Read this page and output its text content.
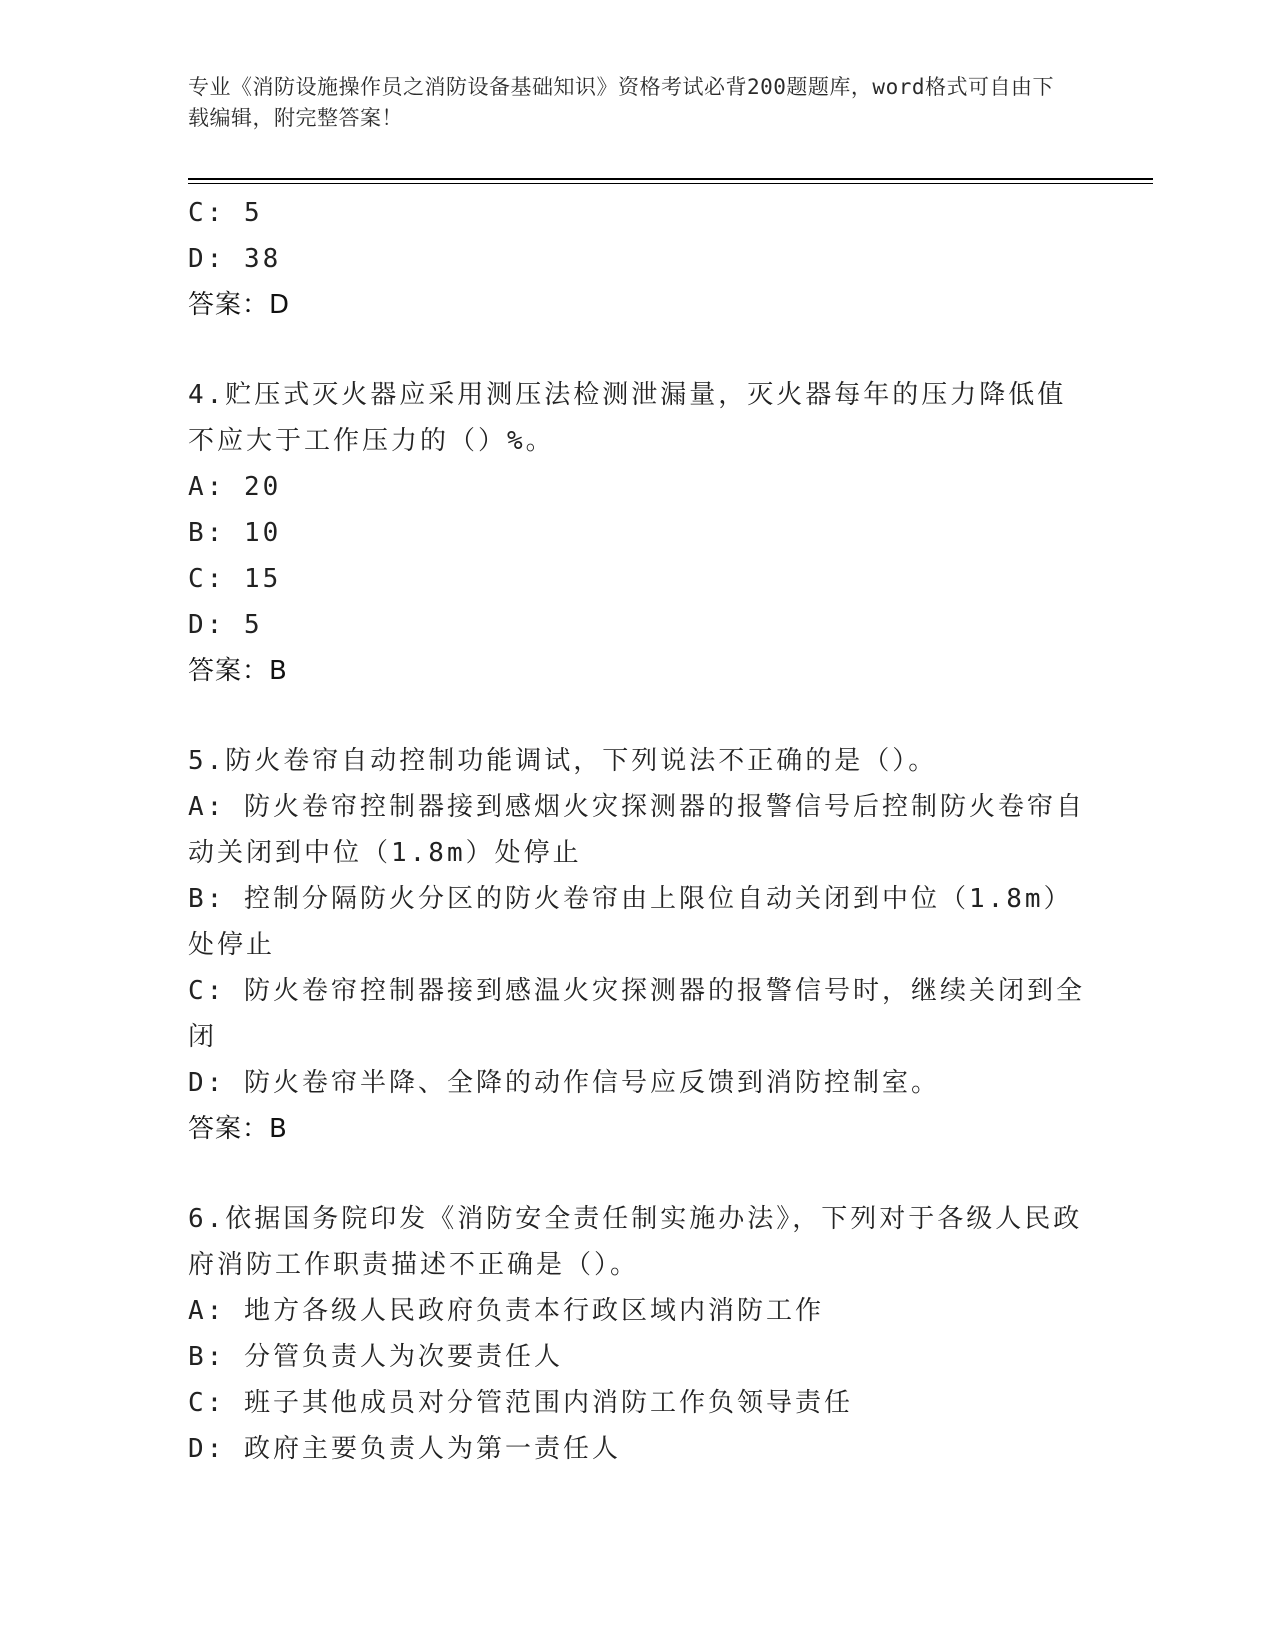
专业《消防设施操作员之消防设备基础知识》资格考试必背200题题库，word格式可自由下载编辑，附完整答案！

C: 5

D: 38

答案：D

4.贮压式灭火器应采用测压法检测泄漏量，灭火器每年的压力降低值不应大于工作压力的（）%。

A: 20

B: 10

C: 15

D: 5

答案：B

5.防火卷帘自动控制功能调试，下列说法不正确的是（）。

A: 防火卷帘控制器接到感烟火灾探测器的报警信号后控制防火卷帘自动关闭到中位（1.8m）处停止

B: 控制分隔防火分区的防火卷帘由上限位自动关闭到中位（1.8m）处停止

C: 防火卷帘控制器接到感温火灾探测器的报警信号时，继续关闭到全闭

D: 防火卷帘半降、全降的动作信号应反馈到消防控制室。

答案：B

6.依据国务院印发《消防安全责任制实施办法》，下列对于各级人民政府消防工作职责描述不正确是（）。

A: 地方各级人民政府负责本行政区域内消防工作

B: 分管负责人为次要责任人

C: 班子其他成员对分管范围内消防工作负领导责任

D: 政府主要负责人为第一责任人
